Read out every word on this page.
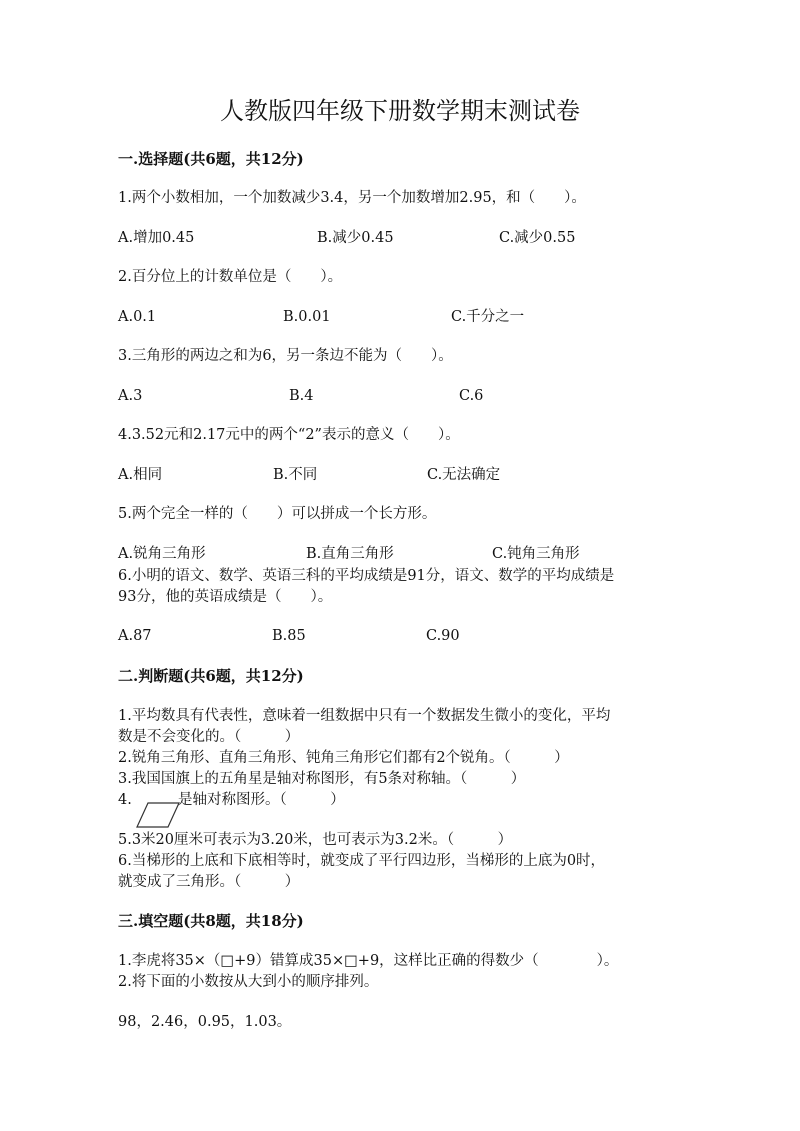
人教版四年级下册数学期末测试卷
一.选择题(共6题，共12分)
1.两个小数相加，一个加数减少3.4，另一个加数增加2.95，和（　　）。
A.增加0.45	B.减少0.45	C.减少0.55
2.百分位上的计数单位是（　　）。
A.0.1	B.0.01	C.千分之一
3.三角形的两边之和为6，另一条边不能为（　　）。
A.3	B.4	C.6
4.3.52元和2.17元中的两个“2”表示的意义（　　）。
A.相同	B.不同	C.无法确定
5.两个完全一样的（　　）可以拼成一个长方形。
A.锐角三角形	B.直角三角形	C.钝角三角形
6.小明的语文、数学、英语三科的平均成绩是91分，语文、数学的平均成绩是
93分，他的英语成绩是（　　）。
A.87	B.85	C.90
二.判断题(共6题，共12分)
1.平均数具有代表性，意味着一组数据中只有一个数据发生微小的变化，平均
数是不会变化的。（　　　）
2.锐角三角形、直角三角形、钝角三角形它们都有2个锐角。（　　　）
3.我国国旗上的五角星是轴对称图形，有5条对称轴。（　　　）
4.	是轴对称图形。（　　　）
5.3米20厘米可表示为3.20米，也可表示为3.2米。（　　　）
6.当梯形的上底和下底相等时，就变成了平行四边形，当梯形的上底为0时，
就变成了三角形。（　　　）
三.填空题(共8题，共18分)
1.李虎将35×（□+9）错算成35×□+9，这样比正确的得数少（　　　　）。
2.将下面的小数按从大到小的顺序排列。
98，2.46，0.95，1.03。
